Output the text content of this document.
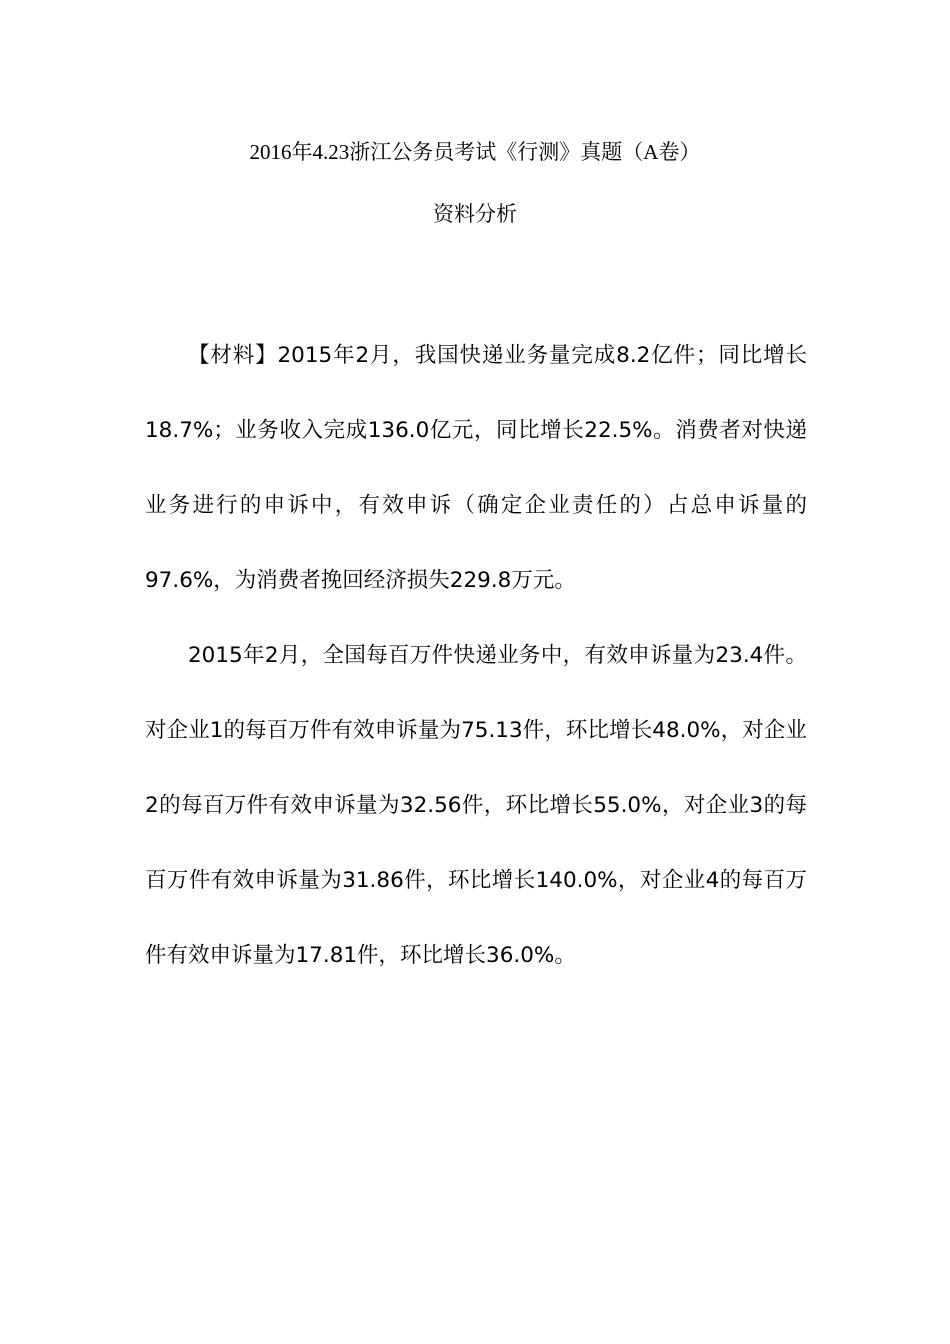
2016年4.23浙江公务员考试《行测》真题（A卷）
资料分析

【材料】2015年2月，我国快递业务量完成8.2亿件；同比增长18.7%；业务收入完成136.0亿元，同比增长22.5%。消费者对快递业务进行的申诉中，有效申诉（确定企业责任的）占总申诉量的97.6%，为消费者挽回经济损失229.8万元。

2015年2月，全国每百万件快递业务中，有效申诉量为23.4件。对企业1的每百万件有效申诉量为75.13件，环比增长48.0%，对企业2的每百万件有效申诉量为32.56件，环比增长55.0%，对企业3的每百万件有效申诉量为31.86件，环比增长140.0%，对企业4的每百万件有效申诉量为17.81件，环比增长36.0%。
